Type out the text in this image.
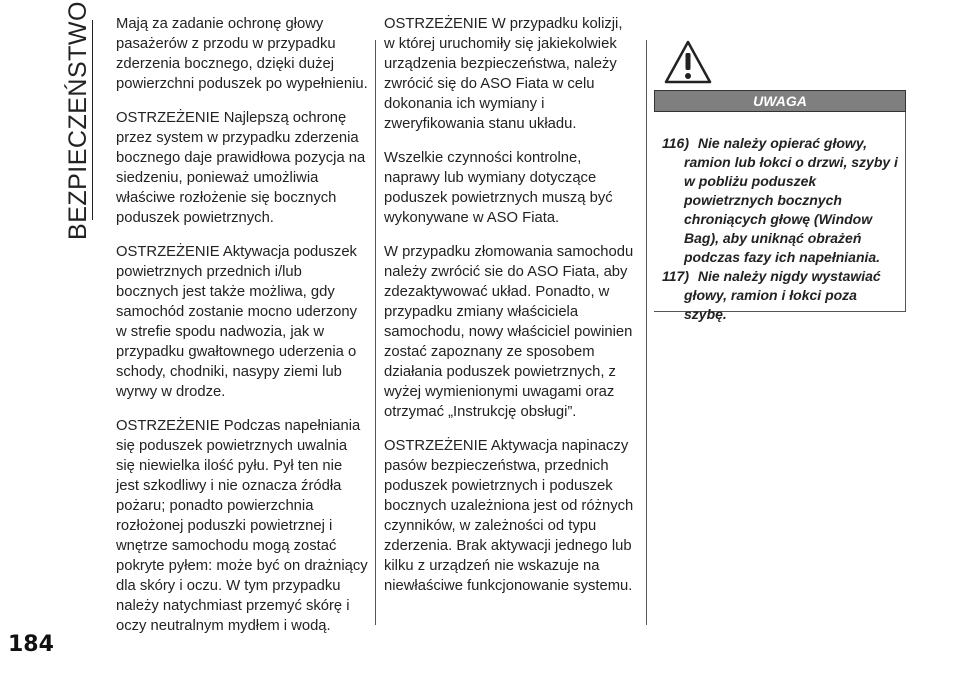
BEZPIECZEŃSTWO Mają za zadanie ochronę głowy pasażerów z przodu w przypadku zderzenia bocznego, dzięki dużej powierzchni poduszek po wypełnieniu.

OSTRZEŻENIE Najlepszą ochronę przez system w przypadku zderzenia bocznego daje prawidłowa pozycja na siedzeniu, ponieważ umożliwia właściwe rozłożenie się bocznych poduszek powietrznych.

OSTRZEŻENIE Aktywacja poduszek powietrznych przednich i/lub bocznych jest także możliwa, gdy samochód zostanie mocno uderzony w strefie spodu nadwozia, jak w przypadku gwałtownego uderzenia o schody, chodniki, nasypy ziemi lub wyrwy w drodze.

OSTRZEŻENIE Podczas napełniania się poduszek powietrznych uwalnia się niewielka ilość pyłu. Pył ten nie jest szkodliwy i nie oznacza źródła pożaru; ponadto powierzchnia rozłożonej poduszki powietrznej i wnętrze samochodu mogą zostać pokryte pyłem: może być on drażniący dla skóry i oczu. W tym przypadku należy natychmiast przemyć skórę i oczy neutralnym mydłem i wodą.

OSTRZEŻENIE W przypadku kolizji, w której uruchomiły się jakiekolwiek urządzenia bezpieczeństwa, należy zwrócić się do ASO Fiata w celu dokonania ich wymiany i zweryfikowania stanu układu.

Wszelkie czynności kontrolne, naprawy lub wymiany dotyczące poduszek powietrznych muszą być wykonywane w ASO Fiata.

W przypadku złomowania samochodu należy zwrócić sie do ASO Fiata, aby zdezaktywować układ. Ponadto, w przypadku zmiany właściciela samochodu, nowy właściciel powinien zostać zapoznany ze sposobem działania poduszek powietrznych, z wyżej wymienionymi uwagami oraz otrzymać „Instrukcję obsługi”.

OSTRZEŻENIE Aktywacja napinaczy pasów bezpieczeństwa, przednich poduszek powietrznych i poduszek bocznych uzależniona jest od różnych czynników, w zależności od typu zderzenia. Brak aktywacji jednego lub kilku z urządzeń nie wskazuje na niewłaściwe funkcjonowanie systemu.

UWAGA
116) Nie należy opierać głowy, ramion lub łokci o drzwi, szyby i w pobliżu poduszek powietrznych bocznych chroniących głowę (Window Bag), aby uniknąć obrażeń podczas fazy ich napełniania.
117) Nie należy nigdy wystawiać głowy, ramion i łokci poza szybę.
184
